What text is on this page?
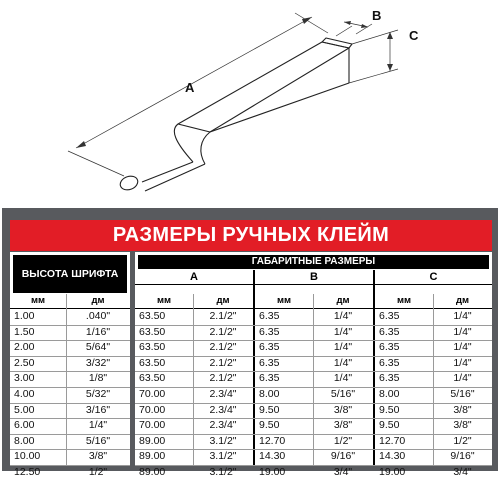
A
B
C
РАЗМЕРЫ РУЧНЫХ КЛЕЙМ
ВЫСОТА ШРИФТА
мм	дм
1.00	.040"
1.50	1/16"
2.00	5/64"
2.50	3/32"
3.00	1/8"
4.00	5/32"
5.00	3/16"
6.00	1/4"
8.00	5/16"
10.00	3/8"
12.50	1/2"
ГАБАРИТНЫЕ РАЗМЕРЫ
A	B	C
мм	дм	мм	дм	мм	дм
63.50	2.1/2"	6.35	1/4"	6.35	1/4"
63.50	2.1/2"	6.35	1/4"	6.35	1/4"
63.50	2.1/2"	6.35	1/4"	6.35	1/4"
63.50	2.1/2"	6.35	1/4"	6.35	1/4"
63.50	2.1/2"	6.35	1/4"	6.35	1/4"
70.00	2.3/4"	8.00	5/16"	8.00	5/16"
70.00	2.3/4"	9.50	3/8"	9.50	3/8"
70.00	2.3/4"	9.50	3/8"	9.50	3/8"
89.00	3.1/2"	12.70	1/2"	12.70	1/2"
89.00	3.1/2"	14.30	9/16"	14.30	9/16"
89.00	3.1/2"	19.00	3/4"	19.00	3/4"
